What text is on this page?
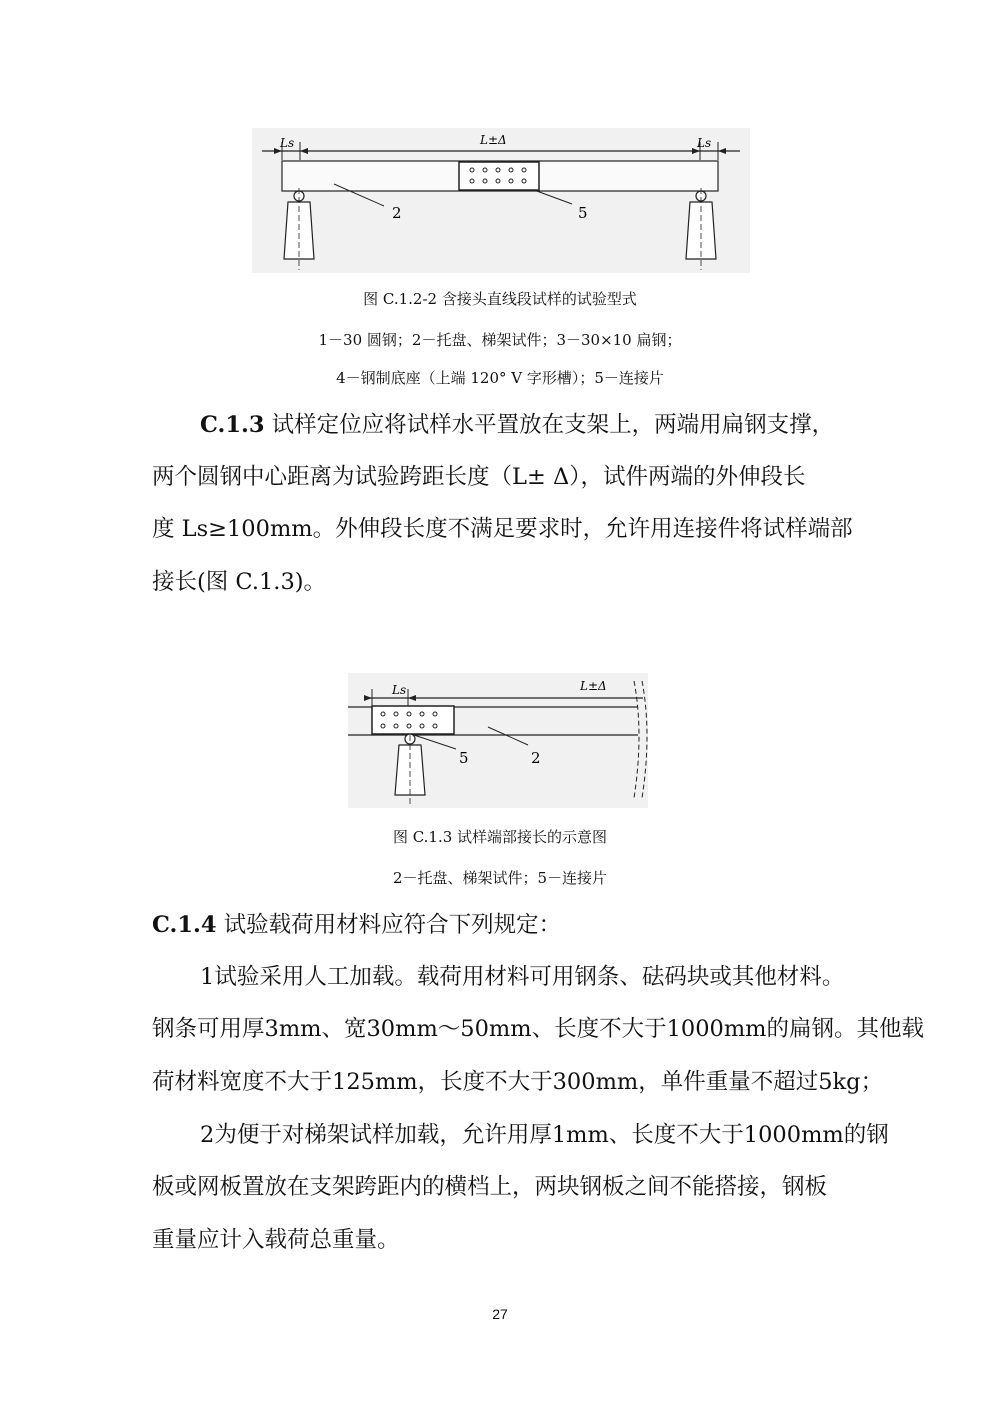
Ls	L±Δ	Ls
2	5
图 C.1.2-2 含接头直线段试样的试验型式
1－30 圆钢；2－托盘、梯架试件；3－30×10 扁钢；
4－钢制底座（上端 120° V 字形槽）；5－连接片
C.1.3 试样定位应将试样水平置放在支架上，两端用扁钢支撑，
两个圆钢中心距离为试验跨距长度（L± Δ），试件两端的外伸段长
度 Ls≥100mm。外伸段长度不满足要求时，允许用连接件将试样端部
接长(图 C.1.3)。
Ls	L±Δ
5	2
图 C.1.3 试样端部接长的示意图
2－托盘、梯架试件；5－连接片
C.1.4 试验载荷用材料应符合下列规定：
1试验采用人工加载。载荷用材料可用钢条、砝码块或其他材料。
钢条可用厚3mm、宽30mm～50mm、长度不大于1000mm的扁钢。其他载
荷材料宽度不大于125mm，长度不大于300mm，单件重量不超过5kg；
2为便于对梯架试样加载，允许用厚1mm、长度不大于1000mm的钢
板或网板置放在支架跨距内的横档上，两块钢板之间不能搭接，钢板
重量应计入载荷总重量。
27
